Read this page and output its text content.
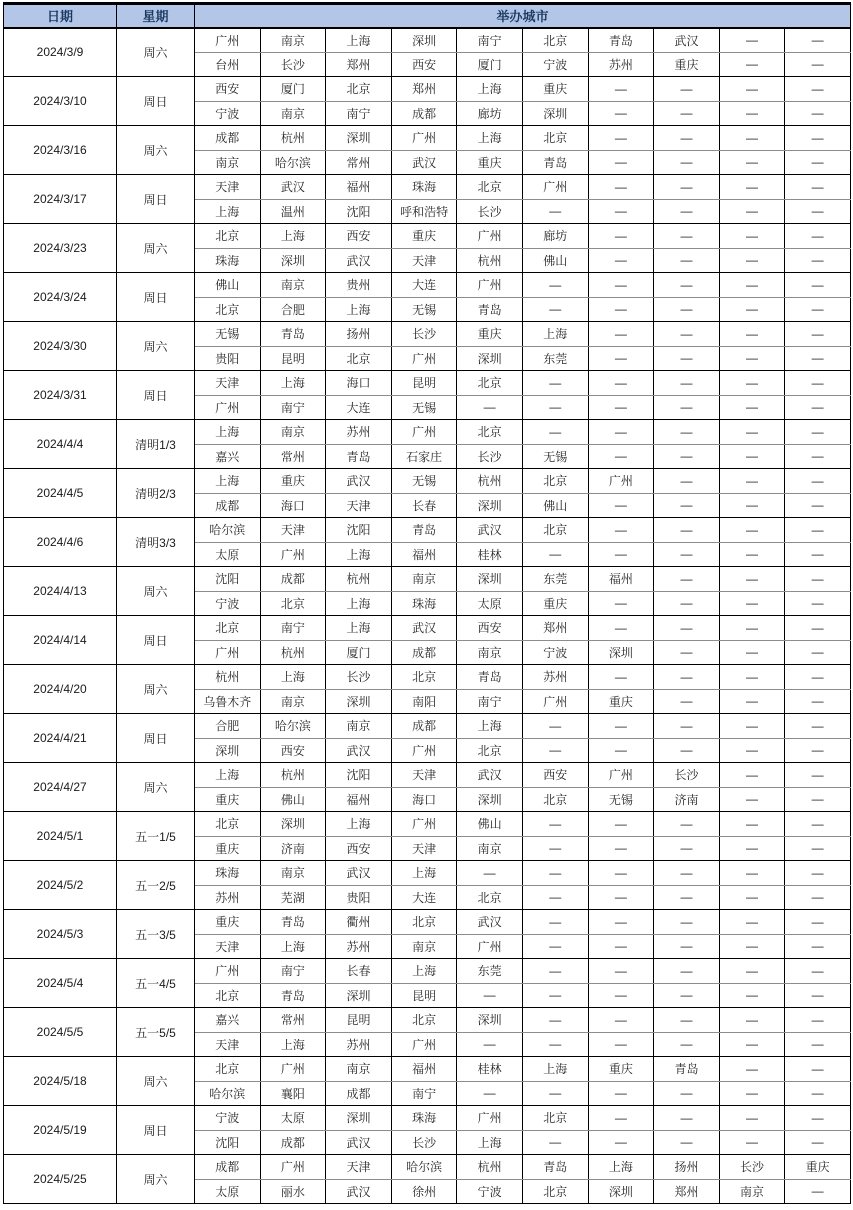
日期	星期	举办城市									
2024/3/9	周六	广州	南京	上海	深圳	南宁	北京	青岛	武汉	—	—
		台州	长沙	郑州	西安	厦门	宁波	苏州	重庆	—	—
2024/3/10	周日	西安	厦门	北京	郑州	上海	重庆	—	—	—	—
		宁波	南京	南宁	成都	廊坊	深圳	—	—	—	—
2024/3/16	周六	成都	杭州	深圳	广州	上海	北京	—	—	—	—
		南京	哈尔滨	常州	武汉	重庆	青岛	—	—	—	—
2024/3/17	周日	天津	武汉	福州	珠海	北京	广州	—	—	—	—
		上海	温州	沈阳	呼和浩特	长沙	—	—	—	—	—
2024/3/23	周六	北京	上海	西安	重庆	广州	廊坊	—	—	—	—
		珠海	深圳	武汉	天津	杭州	佛山	—	—	—	—
2024/3/24	周日	佛山	南京	贵州	大连	广州	—	—	—	—	—
		北京	合肥	上海	无锡	青岛	—	—	—	—	—
2024/3/30	周六	无锡	青岛	扬州	长沙	重庆	上海	—	—	—	—
		贵阳	昆明	北京	广州	深圳	东莞	—	—	—	—
2024/3/31	周日	天津	上海	海口	昆明	北京	—	—	—	—	—
		广州	南宁	大连	无锡	—	—	—	—	—	—
2024/4/4	清明1/3	上海	南京	苏州	广州	北京	—	—	—	—	—
		嘉兴	常州	青岛	石家庄	长沙	无锡	—	—	—	—
2024/4/5	清明2/3	上海	重庆	武汉	无锡	杭州	北京	广州	—	—	—
		成都	海口	天津	长春	深圳	佛山	—	—	—	—
2024/4/6	清明3/3	哈尔滨	天津	沈阳	青岛	武汉	北京	—	—	—	—
		太原	广州	上海	福州	桂林	—	—	—	—	—
2024/4/13	周六	沈阳	成都	杭州	南京	深圳	东莞	福州	—	—	—
		宁波	北京	上海	珠海	太原	重庆	—	—	—	—
2024/4/14	周日	北京	南宁	上海	武汉	西安	郑州	—	—	—	—
		广州	杭州	厦门	成都	南京	宁波	深圳	—	—	—
2024/4/20	周六	杭州	上海	长沙	北京	青岛	苏州	—	—	—	—
		乌鲁木齐	南京	深圳	南阳	南宁	广州	重庆	—	—	—
2024/4/21	周日	合肥	哈尔滨	南京	成都	上海	—	—	—	—	—
		深圳	西安	武汉	广州	北京	—	—	—	—	—
2024/4/27	周六	上海	杭州	沈阳	天津	武汉	西安	广州	长沙	—	—
		重庆	佛山	福州	海口	深圳	北京	无锡	济南	—	—
2024/5/1	五一1/5	北京	深圳	上海	广州	佛山	—	—	—	—	—
		重庆	济南	西安	天津	南京	—	—	—	—	—
2024/5/2	五一2/5	珠海	南京	武汉	上海	—	—	—	—	—	—
		苏州	芜湖	贵阳	大连	北京	—	—	—	—	—
2024/5/3	五一3/5	重庆	青岛	衢州	北京	武汉	—	—	—	—	—
		天津	上海	苏州	南京	广州	—	—	—	—	—
2024/5/4	五一4/5	广州	南宁	长春	上海	东莞	—	—	—	—	—
		北京	青岛	深圳	昆明	—	—	—	—	—	—
2024/5/5	五一5/5	嘉兴	常州	昆明	北京	深圳	—	—	—	—	—
		天津	上海	苏州	广州	—	—	—	—	—	—
2024/5/18	周六	北京	广州	南京	福州	桂林	上海	重庆	青岛	—	—
		哈尔滨	襄阳	成都	南宁	—	—	—	—	—	—
2024/5/19	周日	宁波	太原	深圳	珠海	广州	北京	—	—	—	—
		沈阳	成都	武汉	长沙	上海	—	—	—	—	—
2024/5/25	周六	成都	广州	天津	哈尔滨	杭州	青岛	上海	扬州	长沙	重庆
		太原	丽水	武汉	徐州	宁波	北京	深圳	郑州	南京	—
